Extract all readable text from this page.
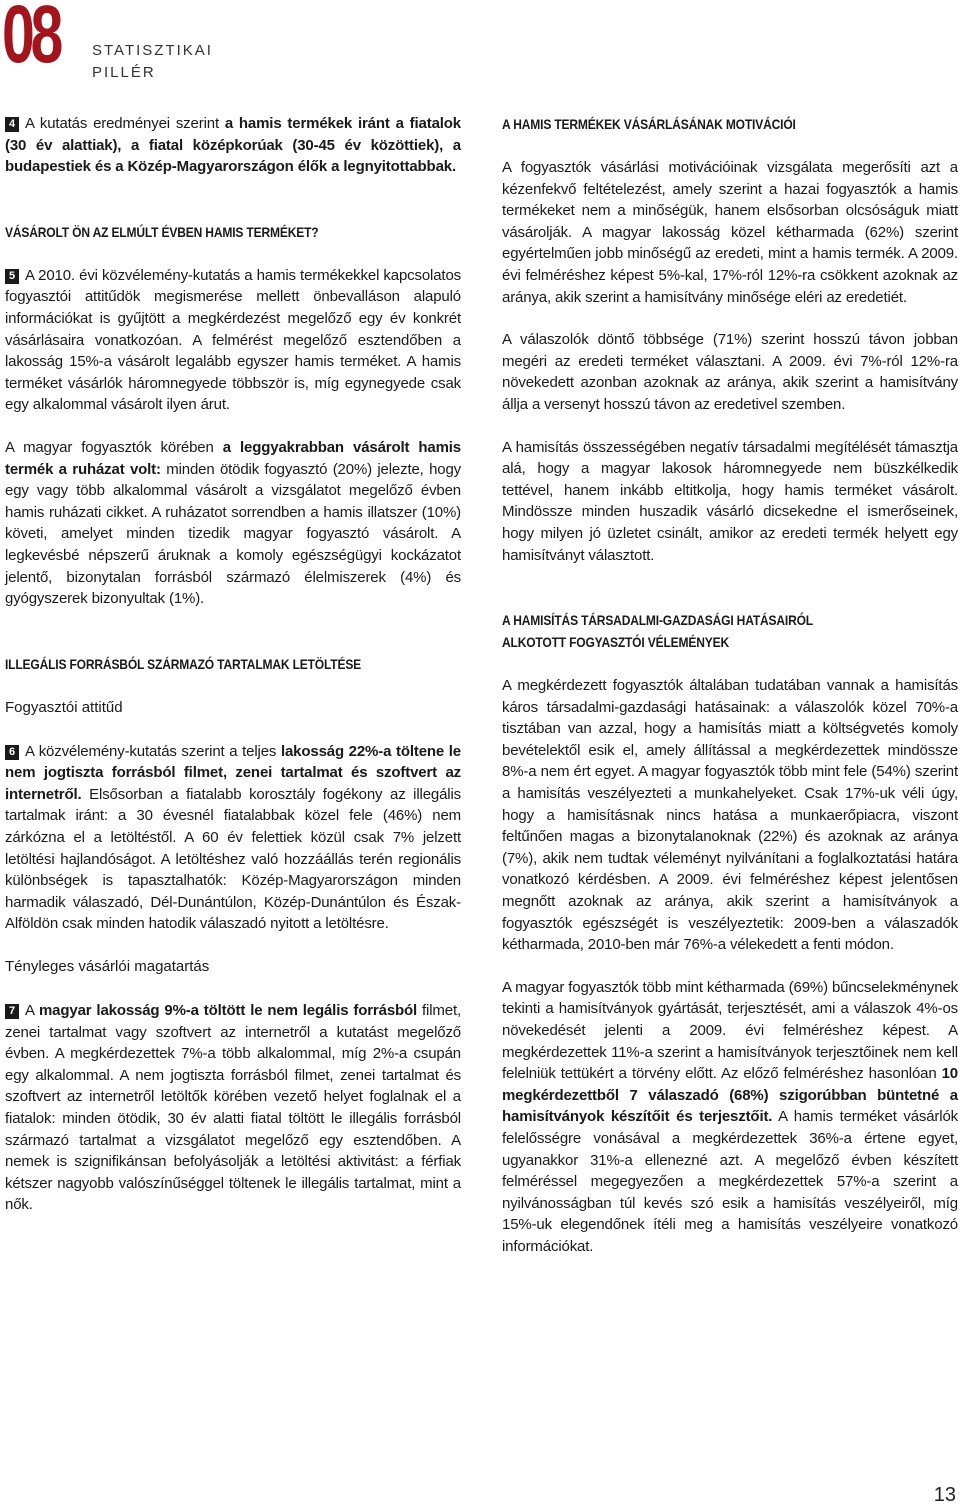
08 STATISZTIKAI
PILLÉR

4 A kutatás eredményei szerint a hamis termékek iránt a fiatalok (30 év alattiak), a fiatal középkorúak (30-45 év közöttiek), a budapestiek és a Közép-Magyarországon élők a legnyitottabbak.

VÁSÁROLT ÖN AZ ELMÚLT ÉVBEN HAMIS TERMÉKET?

5 A 2010. évi közvélemény-kutatás a hamis termékekkel kapcsolatos fogyasztói attitűdök megismerése mellett önbevalláson alapuló információkat is gyűjtött a megkérdezést megelőző egy év konkrét vásárlásaira vonatkozóan. A felmérést megelőző esztendőben a lakosság 15%-a vásárolt legalább egyszer hamis terméket. A hamis terméket vásárlók háromnegyede többször is, míg egynegyede csak egy alkalommal vásárolt ilyen árut.

A magyar fogyasztók körében a leggyakrabban vásárolt hamis termék a ruházat volt: minden ötödik fogyasztó (20%) jelezte, hogy egy vagy több alkalommal vásárolt a vizsgálatot megelőző évben hamis ruházati cikket. A ruházatot sorrendben a hamis illatszer (10%) követi, amelyet minden tizedik magyar fogyasztó vásárolt. A legkevésbé népszerű áruknak a komoly egészségügyi kockázatot jelentő, bizonytalan forrásból származó élelmiszerek (4%) és gyógyszerek bizonyultak (1%).

ILLEGÁLIS FORRÁSBÓL SZÁRMAZÓ TARTALMAK LETÖLTÉSE
Fogyasztói attitűd

6 A közvélemény-kutatás szerint a teljes lakosság 22%-a töltene le nem jogtiszta forrásból filmet, zenei tartalmat és szoftvert az internetről. Elsősorban a fiatalabb korosztály fogékony az illegális tartalmak iránt: a 30 évesnél fiatalabbak közel fele (46%) nem zárkózna el a letöltéstől. A 60 év felettiek közül csak 7% jelzett letöltési hajlandóságot. A letöltéshez való hozzáállás terén regionális különbségek is tapasztalhatók: Közép-Magyarországon minden harmadik válaszadó, Dél-Dunántúlon, Közép-Dunántúlon és Észak-Alföldön csak minden hatodik válaszadó nyitott a letöltésre.

Tényleges vásárlói magatartás

7 A magyar lakosság 9%-a töltött le nem legális forrásból filmet, zenei tartalmat vagy szoftvert az internetről a kutatást megelőző évben. A megkérdezettek 7%-a több alkalommal, míg 2%-a csupán egy alkalommal. A nem jogtiszta forrásból filmet, zenei tartalmat és szoftvert az internetről letöltők körében vezető helyet foglalnak el a fiatalok: minden ötödik, 30 év alatti fiatal töltött le illegális forrásból származó tartalmat a vizsgálatot megelőző egy esztendőben. A nemek is szignifikánsan befolyásolják a letöltési aktivitást: a férfiak kétszer nagyobb valószínűséggel töltenek le illegális tartalmat, mint a nők.

A HAMIS TERMÉKEK VÁSÁRLÁSÁNAK MOTIVÁCIÓI

A fogyasztók vásárlási motivációinak vizsgálata megerősíti azt a kézenfekvő feltételezést, amely szerint a hazai fogyasztók a hamis termékeket nem a minőségük, hanem elsősorban olcsóságuk miatt vásárolják. A magyar lakosság közel kétharmada (62%) szerint egyértelműen jobb minőségű az eredeti, mint a hamis termék. A 2009. évi felméréshez képest 5%-kal, 17%-ról 12%-ra csökkent azoknak az aránya, akik szerint a hamisítvány minősége eléri az eredetiét.

A válaszolók döntő többsége (71%) szerint hosszú távon jobban megéri az eredeti terméket választani. A 2009. évi 7%-ról 12%-ra növekedett azonban azoknak az aránya, akik szerint a hamisítvány állja a versenyt hosszú távon az eredetivel szemben.

A hamisítás összességében negatív társadalmi megítélését támasztja alá, hogy a magyar lakosok háromnegyede nem büszkélkedik tettével, hanem inkább eltitkolja, hogy hamis terméket vásárolt. Mindössze minden huszadik vásárló dicsekedne el ismerőseinek, hogy milyen jó üzletet csinált, amikor az eredeti termék helyett egy hamisítványt választott.

A HAMISÍTÁS TÁRSADALMI-GAZDASÁGI HATÁSAIRÓL
ALKOTOTT FOGYASZTÓI VÉLEMÉNYEK

A megkérdezett fogyasztók általában tudatában vannak a hamisítás káros társadalmi-gazdasági hatásainak: a válaszolók közel 70%-a tisztában van azzal, hogy a hamisítás miatt a költségvetés komoly bevételektől esik el, amely állítással a megkérdezettek mindössze 8%-a nem ért egyet. A magyar fogyasztók több mint fele (54%) szerint a hamisítás veszélyezteti a munkahelyeket. Csak 17%-uk véli úgy, hogy a hamisításnak nincs hatása a munkaerőpiacra, viszont feltűnően magas a bizonytalanoknak (22%) és azoknak az aránya (7%), akik nem tudtak véleményt nyilvánítani a foglalkoztatási határa vonatkozó kérdésben. A 2009. évi felméréshez képest jelentősen megnőtt azoknak az aránya, akik szerint a hamisítványok a fogyasztók egészségét is veszélyeztetik: 2009-ben a válaszadók kétharmada, 2010-ben már 76%-a vélekedett a fenti módon.

A magyar fogyasztók több mint kétharmada (69%) bűncselekménynek tekinti a hamisítványok gyártását, terjesztését, ami a válaszok 4%-os növekedését jelenti a 2009. évi felméréshez képest. A megkérdezettek 11%-a szerint a hamisítványok terjesztőinek nem kell felelniük tettükért a törvény előtt. Az előző felméréshez hasonlóan 10 megkérdezettből 7 válaszadó (68%) szigorúbban büntetné a hamisítványok készítőit és terjesztőit. A hamis terméket vásárlók felelősségre vonásával a megkérdezettek 36%-a értene egyet, ugyanakkor 31%-a ellenezné azt. A megelőző évben készített felméréssel megegyezően a megkérdezettek 57%-a szerint a nyilvánosságban túl kevés szó esik a hamisítás veszélyeiről, míg 15%-uk elegendőnek ítéli meg a hamisítás veszélyeire vonatkozó információkat.

13
